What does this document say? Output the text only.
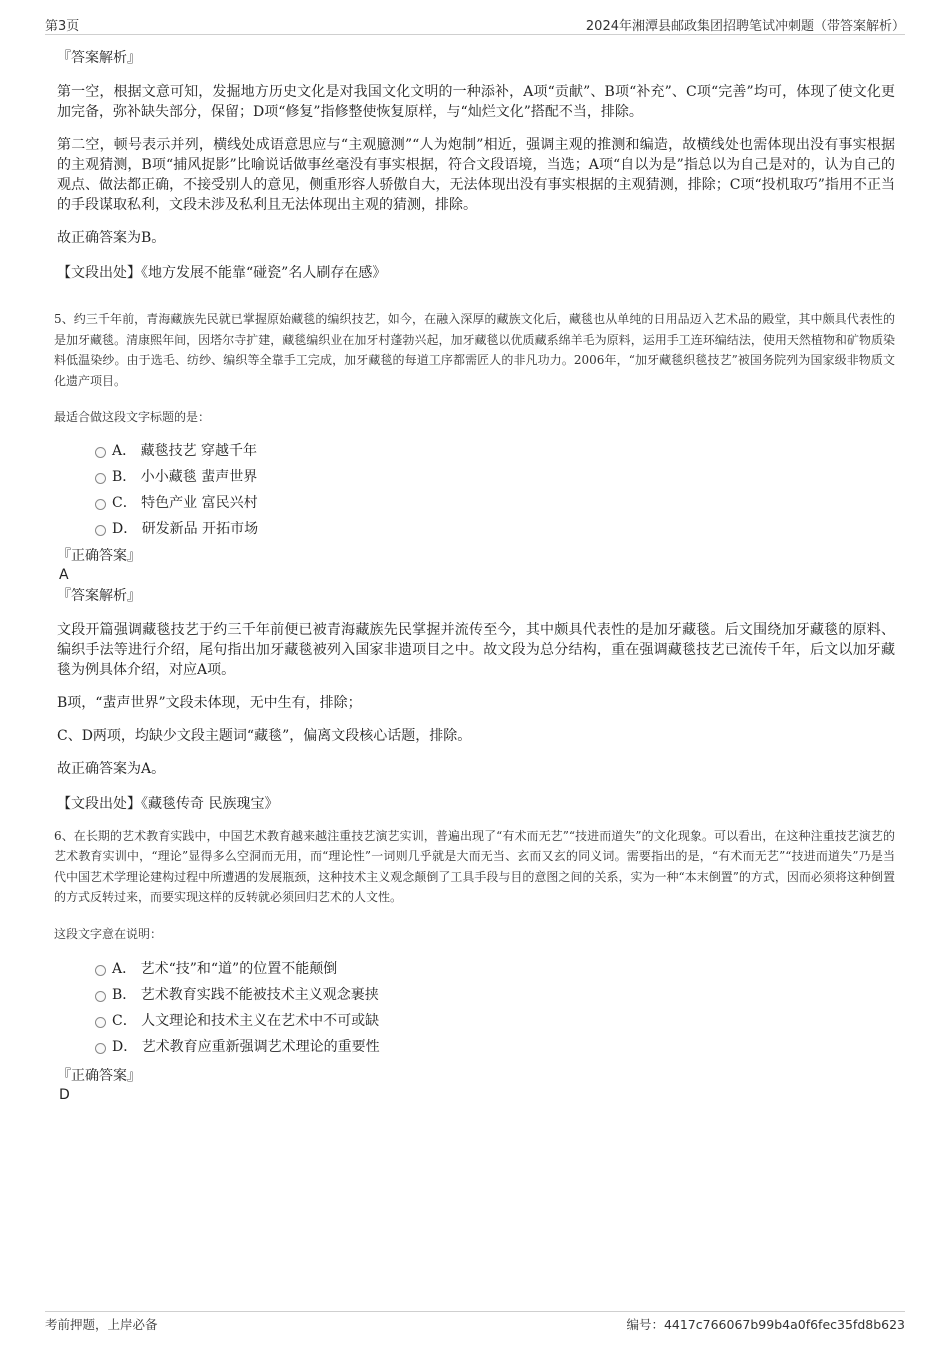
第3页	2024年湘潭县邮政集团招聘笔试冲刺题（带答案解析）

『答案解析』

第一空，根据文意可知，发掘地方历史文化是对我国文化文明的一种添补，A项“贡献”、B项“补充”、C项“完善”均可，体现了使文化更加完备，弥补缺失部分，保留；D项“修复”指修整使恢复原样，与“灿烂文化”搭配不当，排除。

第二空，顿号表示并列，横线处成语意思应与“主观臆测”“人为炮制”相近，强调主观的推测和编造，故横线处也需体现出没有事实根据的主观猜测，B项“捕风捉影”比喻说话做事丝毫没有事实根据，符合文段语境，当选；A项“自以为是”指总以为自己是对的，认为自己的观点、做法都正确，不接受别人的意见，侧重形容人骄傲自大，无法体现出没有事实根据的主观猜测，排除；C项“投机取巧”指用不正当的手段谋取私利，文段未涉及私利且无法体现出主观的猜测，排除。

故正确答案为B。

【文段出处】《地方发展不能靠“碰瓷”名人刷存在感》

5、约三千年前，青海藏族先民就已掌握原始藏毯的编织技艺，如今，在融入深厚的藏族文化后，藏毯也从单纯的日用品迈入艺术品的殿堂，其中颇具代表性的是加牙藏毯。清康熙年间，因塔尔寺扩建，藏毯编织业在加牙村蓬勃兴起，加牙藏毯以优质藏系绵羊毛为原料，运用手工连环编结法，使用天然植物和矿物质染料低温染纱。由于选毛、纺纱、编织等全靠手工完成，加牙藏毯的每道工序都需匠人的非凡功力。2006年，“加牙藏毯织毯技艺”被国务院列为国家级非物质文化遗产项目。

最适合做这段文字标题的是：

A． 藏毯技艺 穿越千年
B． 小小藏毯 蜚声世界
C． 特色产业 富民兴村
D． 研发新品 开拓市场

『正确答案』

A

『答案解析』

文段开篇强调藏毯技艺于约三千年前便已被青海藏族先民掌握并流传至今，其中颇具代表性的是加牙藏毯。后文围绕加牙藏毯的原料、编织手法等进行介绍，尾句指出加牙藏毯被列入国家非遗项目之中。故文段为总分结构，重在强调藏毯技艺已流传千年，后文以加牙藏毯为例具体介绍，对应A项。

B项，“蜚声世界”文段未体现，无中生有，排除；

C、D两项，均缺少文段主题词“藏毯”，偏离文段核心话题，排除。

故正确答案为A。

【文段出处】《藏毯传奇 民族瑰宝》

6、在长期的艺术教育实践中，中国艺术教育越来越注重技艺演艺实训，普遍出现了“有术而无艺”“技进而道失”的文化现象。可以看出，在这种注重技艺演艺的艺术教育实训中，“理论”显得多么空洞而无用，而“理论性”一词则几乎就是大而无当、玄而又玄的同义词。需要指出的是，“有术而无艺”“技进而道失”乃是当代中国艺术学理论建构过程中所遭遇的发展瓶颈，这种技术主义观念颠倒了工具手段与目的意图之间的关系，实为一种“本末倒置”的方式，因而必须将这种倒置的方式反转过来，而要实现这样的反转就必须回归艺术的人文性。

这段文字意在说明：

A． 艺术“技”和“道”的位置不能颠倒
B． 艺术教育实践不能被技术主义观念裹挟
C． 人文理论和技术主义在艺术中不可或缺
D． 艺术教育应重新强调艺术理论的重要性

『正确答案』

D

考前押题，上岸必备	编号：4417c766067b99b4a0f6fec35fd8b623
